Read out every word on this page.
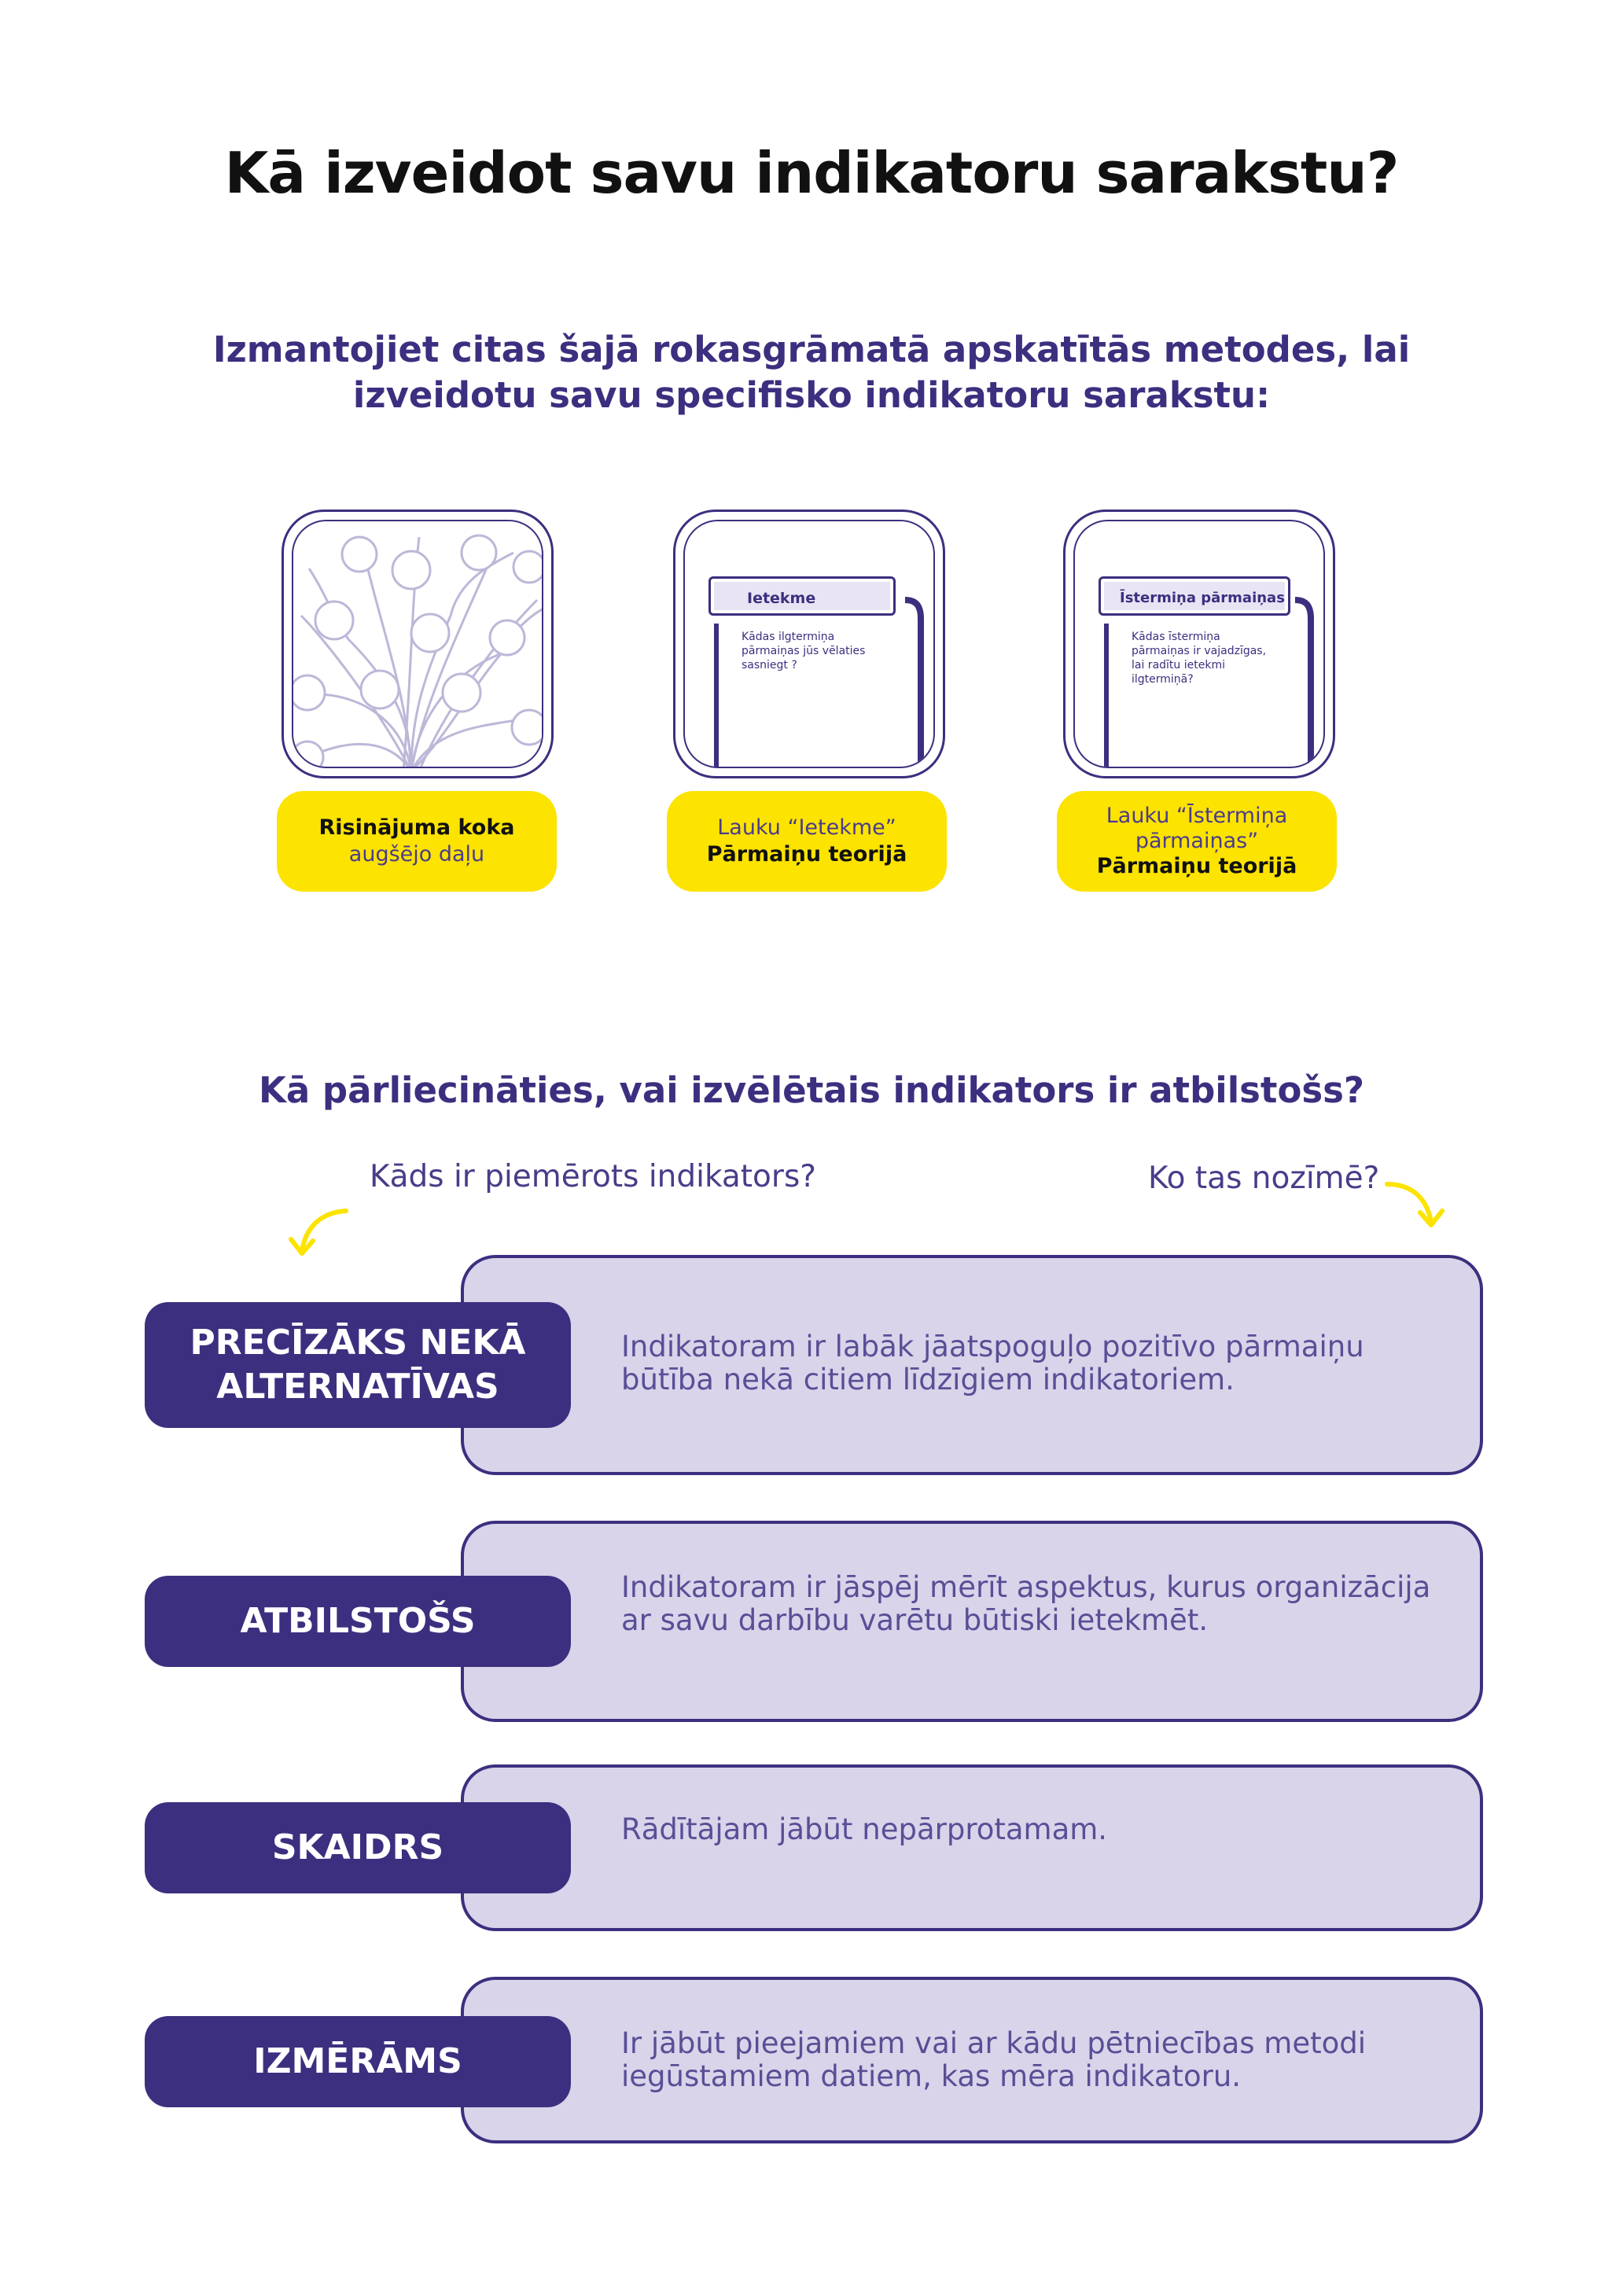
Kā izveidot savu indikatoru sarakstu?

Izmantojiet citas šajā rokasgrāmatā apskatītās metodes, lai izveidotu savu specifisko indikatoru sarakstu:

Risinājuma koka
augšējo daļu
Ietekme
Kādas ilgtermiņa pārmaiņas jūs vēlaties sasniegt ?
Lauku “Ietekme”
Pārmaiņu teorijā
Īstermiņa pārmaiņas
Kādas īstermiņa pārmaiņas ir vajadzīgas, lai radītu ietekmi ilgtermiņā?
Lauku “Īstermiņa pārmaiņas” Pārmaiņu teorijā
Kā pārliecināties, vai izvēlētais indikators ir atbilstošs?
Kāds ir piemērots indikators?	Ko tas nozīmē?
Indikatoram ir labāk jāatspoguļo pozitīvo pārmaiņu būtība nekā citiem līdzīgiem indikatoriem.
PRECĪZĀKS NEKĀ ALTERNATĪVAS
Indikatoram ir jāspēj mērīt aspektus, kurus organizācija ar savu darbību varētu būtiski ietekmēt.
ATBILSTOŠS
Rādītājam jābūt nepārprotamam.
SKAIDRS
Ir jābūt pieejamiem vai ar kādu pētniecības metodi iegūstamiem datiem, kas mēra indikatoru.
IZMĒRĀMS
